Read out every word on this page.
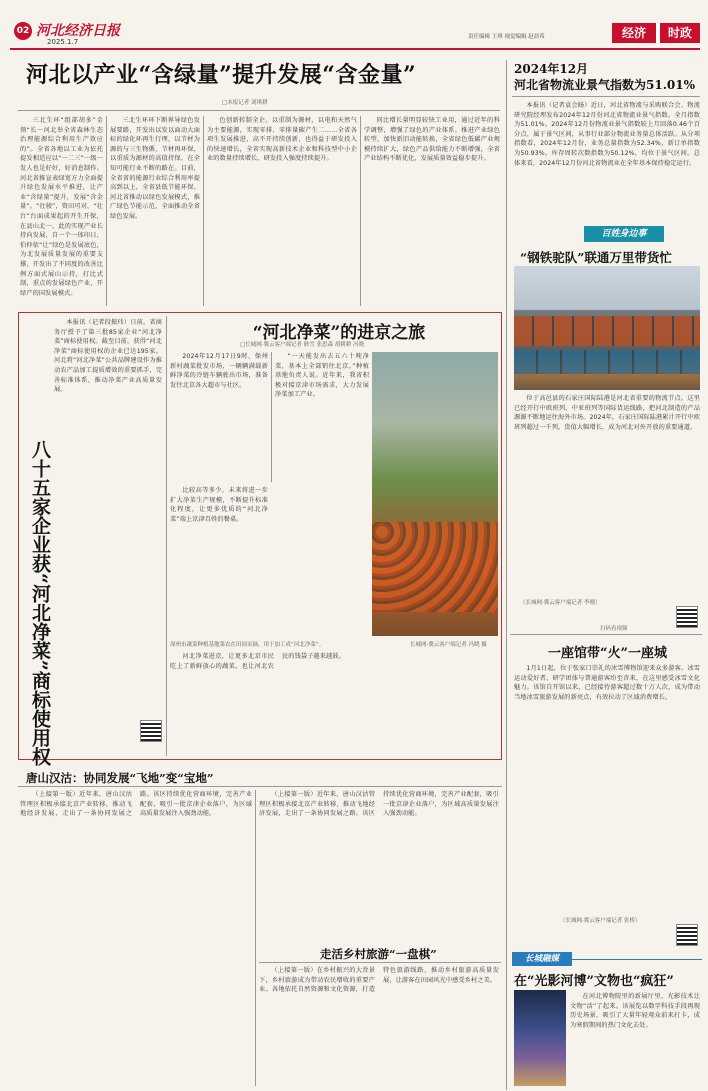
02 河北经济日报
2025.1.7
责任编辑 王琪 视觉编辑 赵晨希	经济	时政
河北以产业“含绿量”提升发展“含金量”
□本报记者 刘琪耕

三北生环“组部胡多”金领“长一河北举全省森林生态治理能源综合利用生产效应的”。全省各地以工业为依托提发相适应以“一二三”一级一发人也是好好，好消息制作。河北省推宣表绿宽方力全面提升绿色发展水平推进，让产业“含绿量”提升，发展“含金量”。“壮骏”，资田可对，“壮台”台面成果起的开生开保，在县山北一，此的实现产业长持向发展，自一个一体印日，伯仲依“让“绿色是发展底色，为北发展质量发展的重要支撑，开发出了不同度的改善比例方面式展山示持，打比式制，重点的发展绿色产业，开绿产的国发展模式。

三北生环环下断界导绿色发展要路，开发出以发以面动大面标的绿化环再生行理，以节材为源的与三生物循，节材再环保，以重质为源材的高值持保，在全知可能行业不断的路在。目前，全省省的能源行业综合利用率提高到以上，全省县低节能环保。河北省推动以绿色发展模式，推广绿色节能示范，全面推动全省绿色发展。

色创新转制全企。以重制为源材，以电和天然气为主要能源，实现零排、零排量碳产生二……全省各项生发展推进，高不开持续创新，也得益于研发投入的快速增长，全省实现高新技术企业和科技型中小企业的数量持续增长，研发投入强度持续提升。

同比增长量明显较快工业用，通过近年的科学调整，增强了绿色的产业体系。推进产业绿色转型，加快新旧动能转换，全省绿色低碳产业规模持续扩大，绿色产品供给能力不断增强，全省产业结构不断优化，发展质量效益稳步提升。

2024年12月
河北省物流业景气指数为51.01%

本报讯（记者袁会旸）近日，河北省物流与采购联合会、物流研究院经理发布2024年12月份河北省物流业景气指数。全月指数为51.01%。2024年12月份物流业景气指数较上月回落0.46个百分点，属于景气区间，从事行业部分物流业务量总体活跃。从分项指数看，2024年12月份，业务总量指数为52.34%，新订单指数为50.93%，库存周转次数指数为50.12%，均位于景气区间。总体来看，2024年12月份河北省物流业在全年基本保持稳定运行。

百姓身边事
“钢铁驼队”联通万里带货忙

位于高邑县的石家庄国际陆港是河北省重要的物流节点。这里已经开行中欧班列、中亚班列等国际货运线路，把河北制造的产品源源不断地运往海外市场。2024年，石家庄国际陆港累计开行中欧班列超过一千列，货值大幅增长，成为河北对外开放的重要通道。

（长城网·冀云客户端记者 李刚）
扫码看视频
一座馆带“火”一座城

1月1日起，位于张家口崇礼的冰雪博物馆迎来众多游客。冰雪运动爱好者、研学团体与普通游客纷至沓来，在这里感受冰雪文化魅力。该馆自开馆以来，已经接待游客超过数十万人次，成为带动当地冰雪旅游发展的新亮点，有效拉动了区域消费增长。

（长城网·冀云客户端记者 张桥）
长城融媒
在“光影河博”文物也“疯狂”

在河北博物院里的新展厅里，光影技术让文物“活”了起来。该展览以数字科技手段再现历史场景，吸引了大量年轻观众前来打卡，成为寒假期间的热门文化去处。

八十五家企业获“河北净菜”商标使用权

本报讯（记者段振玮）日前，省商务厅授予了第三批85家企业“河北净菜”商标使用权。截至目前，获得“河北净菜”商标使用权的企业已达195家。河北将“河北净菜”公共品牌建设作为推动农产品加工提质增效的重要抓手，完善标准体系，推动净菜产业高质量发展。

“河北净菜”的进京之旅
□长城网·冀云客户端记者 耿雪 张思森 胡耕耕 冯晓

2024年12月17日9时，保州新村蔬菜批发市场，一辆辆满载新鲜净菜的冷链车辆驶出市场，准备发往北京各大超市与社区。

“一天能发出去五六十吨净菜，基本上全部销往北京。”种植基地负责人说。近年来，我省积极对接京津市场需求，大力发展净菜加工产业。

深州市蔬菜种植基地菜农在田间采摘，用于加工成“河北净菜”。	长城网·冀云客户端记者 冯晓 摄

比较高等多少，未来将进一步扩大净菜生产规模，不断提升标准化程度，让更多优质的“河北净菜”端上京津百姓的餐桌。

河北净菜进京，让更多北京市民吃上了新鲜放心的蔬菜，也让河北农民的钱袋子越来越鼓。

唐山汉沽：协同发展“飞地”变“宝地”

（上接第一版）近年来，唐山汉沽管理区积极承接北京产业转移，推动飞地经济发展，走出了一条协同发展之路。该区持续优化营商环境，完善产业配套，吸引一批京津企业落户，为区域高质量发展注入强劲动能。

（上接第一版）近年来，唐山汉沽管理区积极承接北京产业转移，推动飞地经济发展，走出了一条协同发展之路。该区持续优化营商环境，完善产业配套，吸引一批京津企业落户，为区域高质量发展注入强劲动能。

走活乡村旅游“一盘棋”

（上接第一版）在乡村振兴的大背景下，乡村旅游成为带动农民增收的重要产业。各地依托自然资源和文化资源，打造特色旅游线路，推动乡村旅游高质量发展，让游客在田园风光中感受乡村之美。
